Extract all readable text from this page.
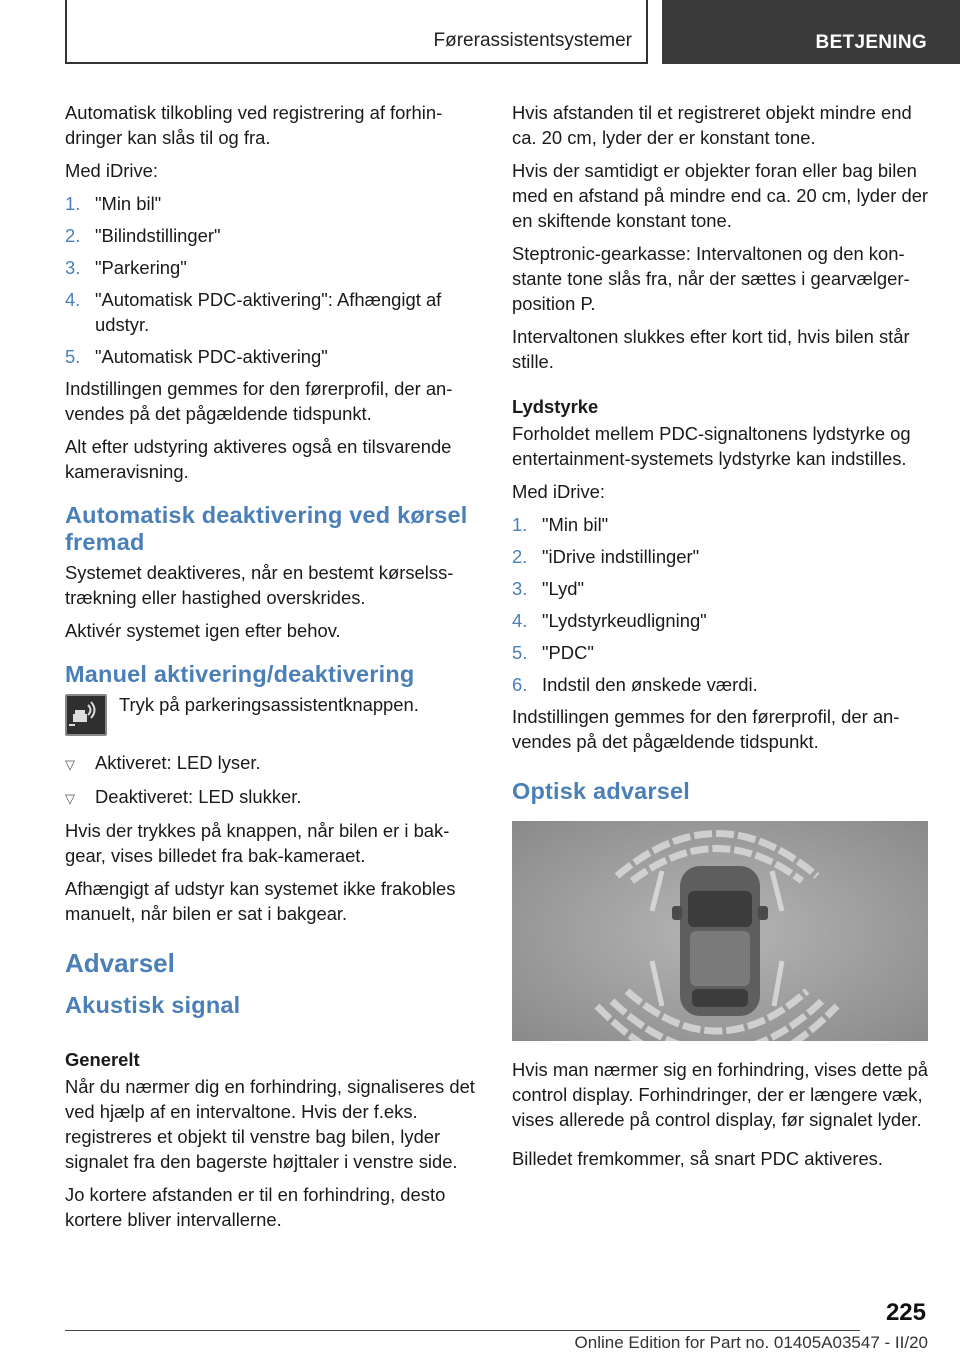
Førerassistentsystemer	BETJENING

Automatisk tilkobling ved registrering af forhindringer kan slås til og fra.

Med iDrive:

1. "Min bil"
2. "Bilindstillinger"
3. "Parkering"
4. "Automatisk PDC-aktivering": Afhængigt af udstyr.
5. "Automatisk PDC-aktivering"

Indstillingen gemmes for den førerprofil, der anvendes på det pågældende tidspunkt.

Alt efter udstyring aktiveres også en tilsvarende kameravisning.

Automatisk deaktivering ved kørsel fremad

Systemet deaktiveres, når en bestemt kørselsstrækning eller hastighed overskrides.

Aktivér systemet igen efter behov.

Manuel aktivering/deaktivering
Tryk på parkeringsassistentknappen.
▽	Aktiveret: LED lyser.
▽	Deaktiveret: LED slukker.

Hvis der trykkes på knappen, når bilen er i bakgear, vises billedet fra bak-kameraet.

Afhængigt af udstyr kan systemet ikke frakobles manuelt, når bilen er sat i bakgear.

Advarsel
Akustisk signal
Generelt

Når du nærmer dig en forhindring, signaliseres det ved hjælp af en intervaltone. Hvis der f.eks. registreres et objekt til venstre bag bilen, lyder signalet fra den bagerste højttaler i venstre side.

Jo kortere afstanden er til en forhindring, desto kortere bliver intervallerne.

Hvis afstanden til et registreret objekt mindre end ca. 20 cm, lyder der er konstant tone.

Hvis der samtidigt er objekter foran eller bag bilen med en afstand på mindre end ca. 20 cm, lyder der en skiftende konstant tone.

Steptronic-gearkasse: Intervaltonen og den konstante tone slås fra, når der sættes i gearvælgerposition P.

Intervaltonen slukkes efter kort tid, hvis bilen står stille.

Lydstyrke

Forholdet mellem PDC-signaltonens lydstyrke og entertainment-systemets lydstyrke kan indstilles.

Med iDrive:

1. "Min bil"
2. "iDrive indstillinger"
3. "Lyd"
4. "Lydstyrkeudligning"
5. "PDC"
6. Indstil den ønskede værdi.

Indstillingen gemmes for den førerprofil, der anvendes på det pågældende tidspunkt.

Optisk advarsel

Hvis man nærmer sig en forhindring, vises dette på control display. Forhindringer, der er længere væk, vises allerede på control display, før signalet lyder.

Billedet fremkommer, så snart PDC aktiveres.

225
Online Edition for Part no. 01405A03547 - II/20
